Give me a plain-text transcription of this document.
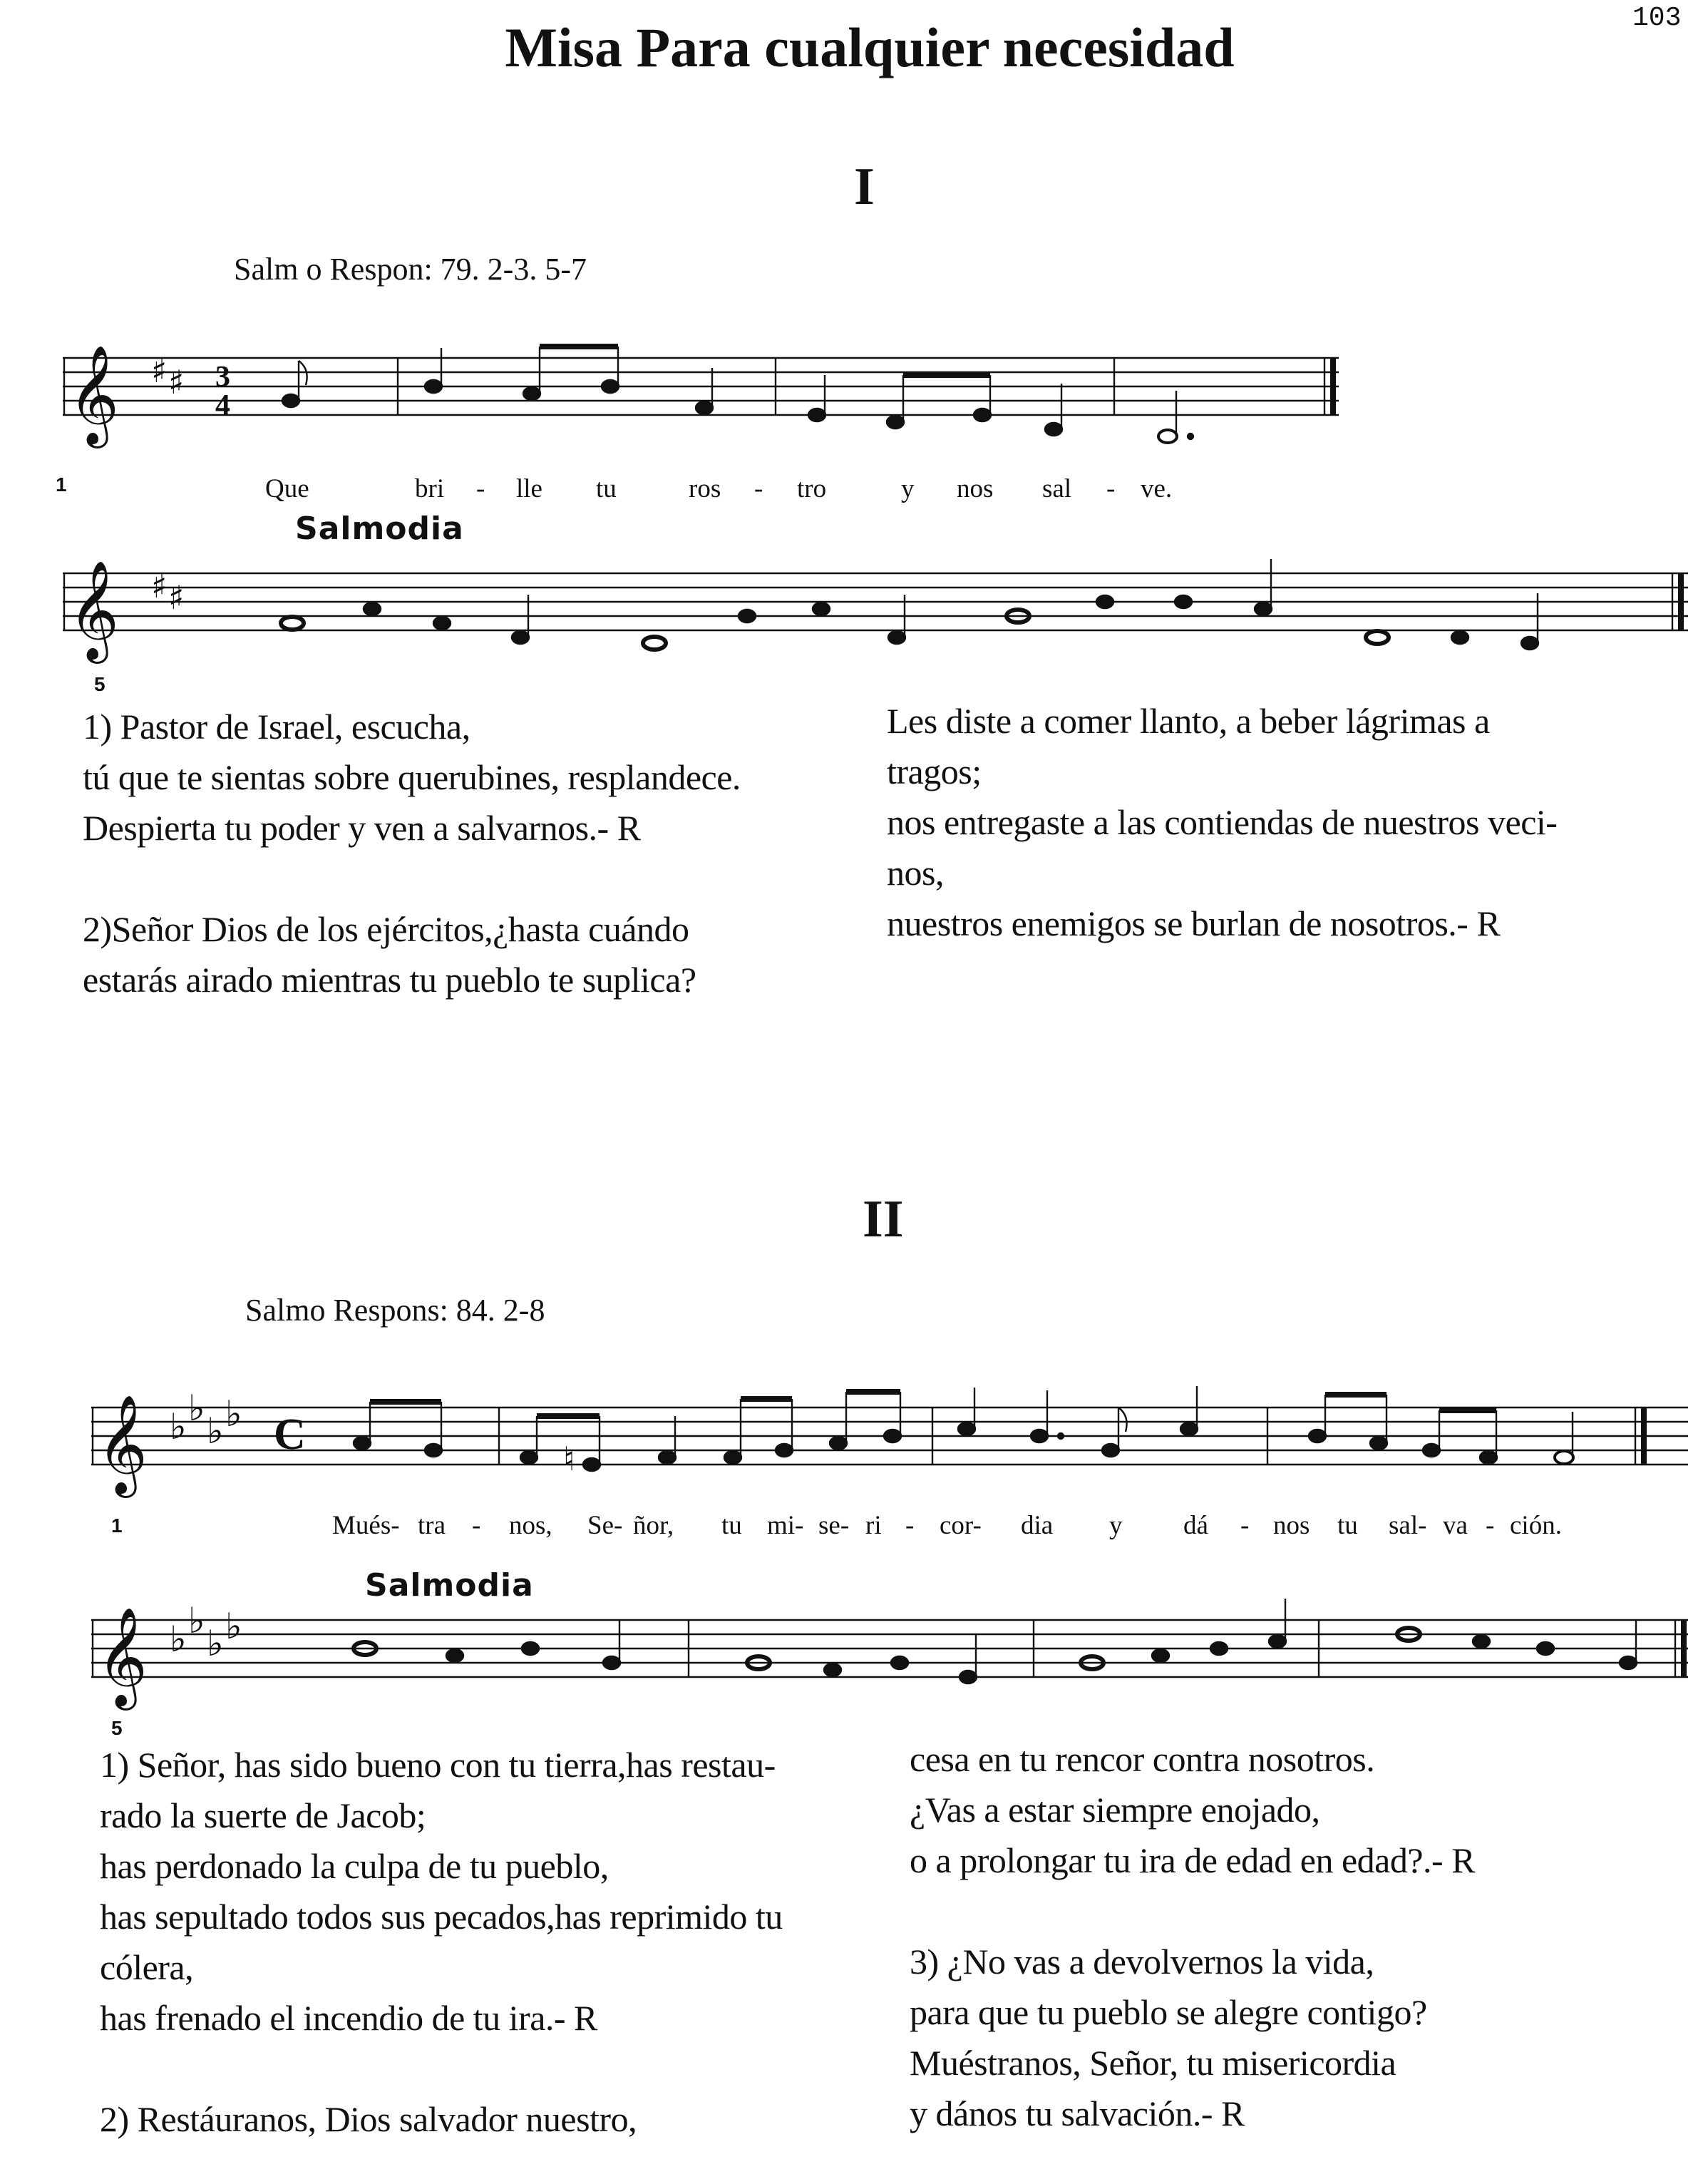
Misa Para cualquier necesidad	103
I
Salm o Respon: 79. 2-3. 5-7
𝄞 ♯ ♯ 3
4
1	Que	bri - lle tu	ros - tro	y nos sal - ve.
Salmodia
𝄞 ♯ ♯
5

1) Pastor de Israel, escucha,

tú que te sientas sobre querubines, resplandece.

Despierta tu poder y ven a salvarnos.- R

2)Señor Dios de los ejércitos,¿hasta cuándo

estarás airado mientras tu pueblo te suplica?

Les diste a comer llanto, a beber lágrimas a

tragos;

nos entregaste a las contiendas de nuestros veci-

nos,

nuestros enemigos se burlan de nosotros.- R

II
Salmo Respons: 84. 2-8
𝄞 ♭ ♭
♭ ♭ C	♮
1	Mués- tra - nos, Se- ñor, tu mi- se- ri - cor- dia y dá - nos tu sal- va - ción.
Salmodia
𝄞 ♭ ♭
♭ ♭
5

1) Señor, has sido bueno con tu tierra,has restau-

rado la suerte de Jacob;

has perdonado la culpa de tu pueblo,

has sepultado todos sus pecados,has reprimido tu

cólera,

has frenado el incendio de tu ira.- R

2) Restáuranos, Dios salvador nuestro,

cesa en tu rencor contra nosotros.

¿Vas a estar siempre enojado,

o a prolongar tu ira de edad en edad?.- R

3) ¿No vas a devolvernos la vida,

para que tu pueblo se alegre contigo?

Muéstranos, Señor, tu misericordia

y dános tu salvación.- R
